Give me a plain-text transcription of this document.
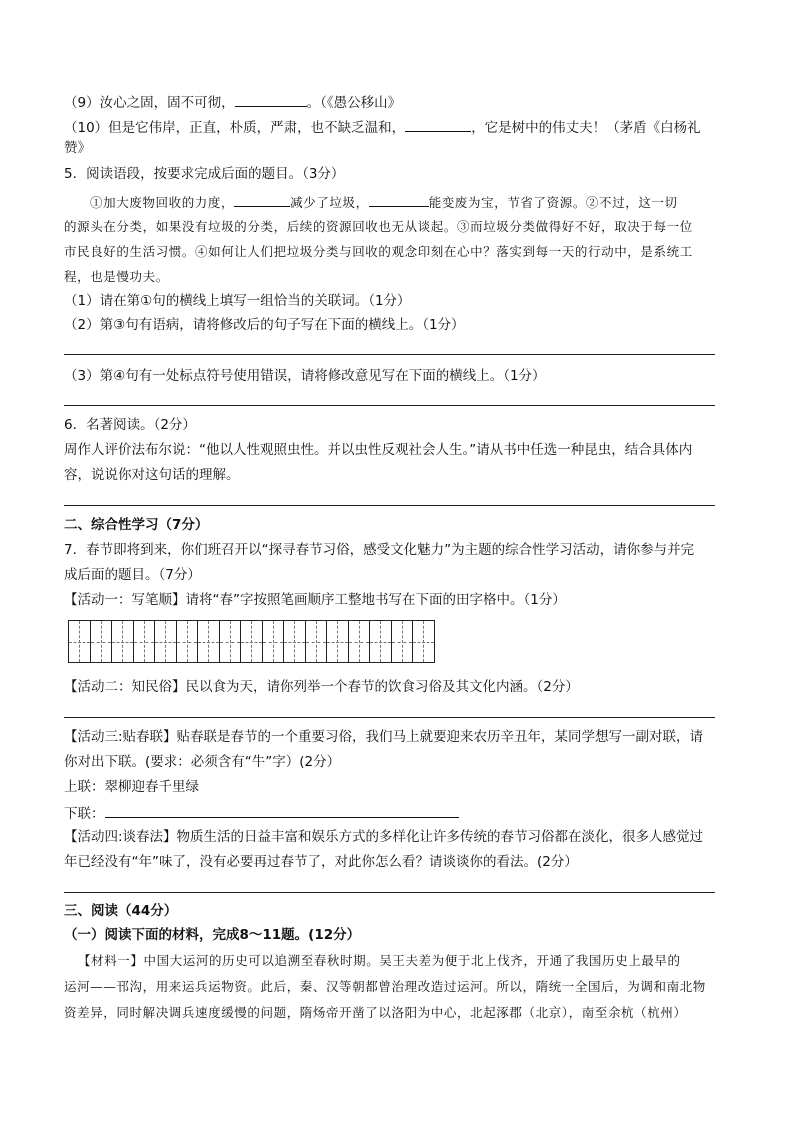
（9）汝心之固，固不可彻，	。（《愚公移山》
（10）但是它伟岸，正直，朴质，严肃，也不缺乏温和，	，它是树中的伟丈夫！（茅盾《白杨礼
赞》
5．阅读语段，按要求完成后面的题目。（3分）
①加大废物回收的力度，	减少了垃圾，	能变废为宝，节省了资源。②不过，这一切
的源头在分类，如果没有垃圾的分类，后续的资源回收也无从谈起。③而垃圾分类做得好不好，取决于每一位
市民良好的生活习惯。④如何让人们把垃圾分类与回收的观念印刻在心中？落实到每一天的行动中，是系统工
程，也是慢功夫。
（1）请在第①句的横线上填写一组恰当的关联词。（1分）
（2）第③句有语病，请将修改后的句子写在下面的横线上。（1分）
（3）第④句有一处标点符号使用错误，请将修改意见写在下面的横线上。（1分）
6．名著阅读。（2分）
周作人评价法布尔说：“他以人性观照虫性。并以虫性反观社会人生。”请从书中任选一种昆虫，结合具体内
容，说说你对这句话的理解。
二、综合性学习（7分）
7．春节即将到来，你们班召开以“探寻春节习俗，感受文化魅力”为主题的综合性学习活动，请你参与并完
成后面的题目。（7分）
【活动一：写笔顺】请将“春”字按照笔画顺序工整地书写在下面的田字格中。（1分）
【活动二：知民俗】民以食为天，请你列举一个春节的饮食习俗及其文化内涵。（2分）
【活动三:贴春联】贴春联是春节的一个重要习俗，我们马上就要迎来农历辛丑年，某同学想写一副对联，请
你对出下联。(要求：必须含有“牛”字）(2分）
上联：翠柳迎春千里绿
下联：
【活动四:谈春法】物质生活的日益丰富和娱乐方式的多样化让许多传统的春节习俗都在淡化，很多人感觉过
年已经没有“年”味了，没有必要再过春节了，对此你怎么看？请谈谈你的看法。(2分）
三、阅读（44分）
（一）阅读下面的材料，完成8～11题。(12分）
【材料一】中国大运河的历史可以追溯至春秋时期。吴王夫差为便于北上伐齐，开通了我国历史上最早的
运河——邗沟，用来运兵运物资。此后，秦、汉等朝都曾治理改造过运河。所以，隋统一全国后，为调和南北物
资差异，同时解决调兵速度缓慢的问题，隋炀帝开凿了以洛阳为中心，北起涿郡（北京），南至余杭（杭州）
